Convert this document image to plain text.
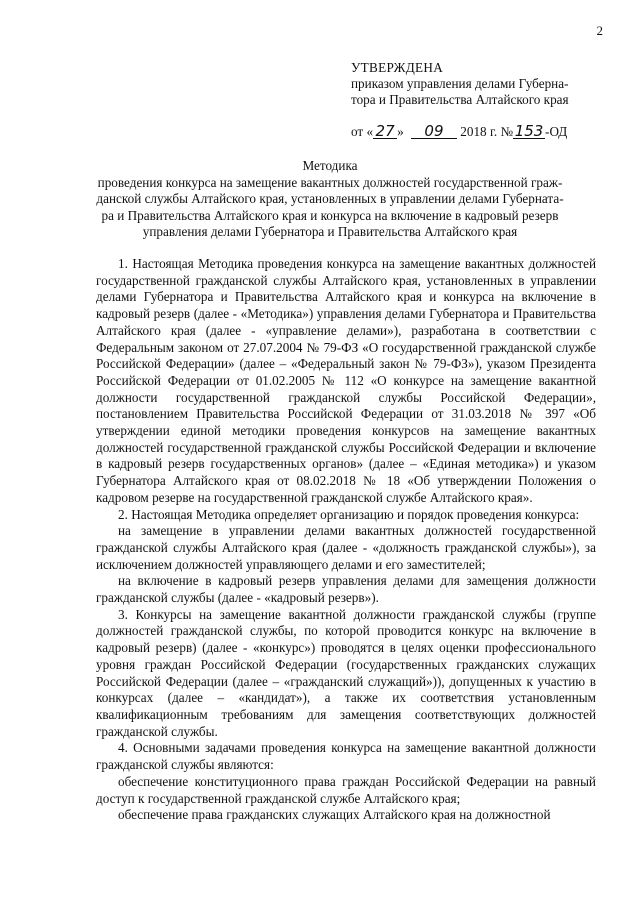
2
УТВЕРЖДЕНА
приказом управления делами Губерна-
тора и Правительства Алтайского края
от « 27 » 09 2018 г. № 153 -ОД
Методика
проведения конкурса на замещение вакантных должностей государственной граж-
данской службы Алтайского края, установленных в управлении делами Губерната-
ра и Правительства Алтайского края и конкурса на включение в кадровый резерв
управления делами Губернатора и Правительства Алтайского края

1. Настоящая Методика проведения конкурса на замещение вакантных должностей государственной гражданской службы Алтайского края, установленных в управлении делами Губернатора и Правительства Алтайского края и конкурса на включение в кадровый резерв (далее - «Методика») управления делами Губернатора и Правительства Алтайского края (далее - «управление делами»), разработана в соответствии с Федеральным законом от 27.07.2004 № 79-ФЗ «О государственной гражданской службе Российской Федерации» (далее – «Федеральный закон № 79-ФЗ»), указом Президента Российской Федерации от 01.02.2005 № 112 «О конкурсе на замещение вакантной должности государственной гражданской службы Российской Федерации», постановлением Правительства Российской Федерации от 31.03.2018 № 397 «Об утверждении единой методики проведения конкурсов на замещение вакантных должностей государственной гражданской службы Российской Федерации и включение в кадровый резерв государственных органов» (далее – «Единая методика») и указом Губернатора Алтайского края от 08.02.2018 № 18 «Об утверждении Положения о кадровом резерве на государственной гражданской службе Алтайского края».

2. Настоящая Методика определяет организацию и порядок проведения конкурса:

на замещение в управлении делами вакантных должностей государственной гражданской службы Алтайского края (далее - «должность гражданской службы»), за исключением должностей управляющего делами и его заместителей;

на включение в кадровый резерв управления делами для замещения должности гражданской службы (далее - «кадровый резерв»).

3. Конкурсы на замещение вакантной должности гражданской службы (группе должностей гражданской службы, по которой проводится конкурс на включение в кадровый резерв) (далее - «конкурс») проводятся в целях оценки профессионального уровня граждан Российской Федерации (государственных гражданских служащих Российской Федерации (далее – «гражданский служащий»)), допущенных к участию в конкурсах (далее – «кандидат»), а также их соответствия установленным квалификационным требованиям для замещения соответствующих должностей гражданской службы.

4. Основными задачами проведения конкурса на замещение вакантной должности гражданской службы являются:

обеспечение конституционного права граждан Российской Федерации на равный доступ к государственной гражданской службе Алтайского края;

обеспечение права гражданских служащих Алтайского края на должностной
